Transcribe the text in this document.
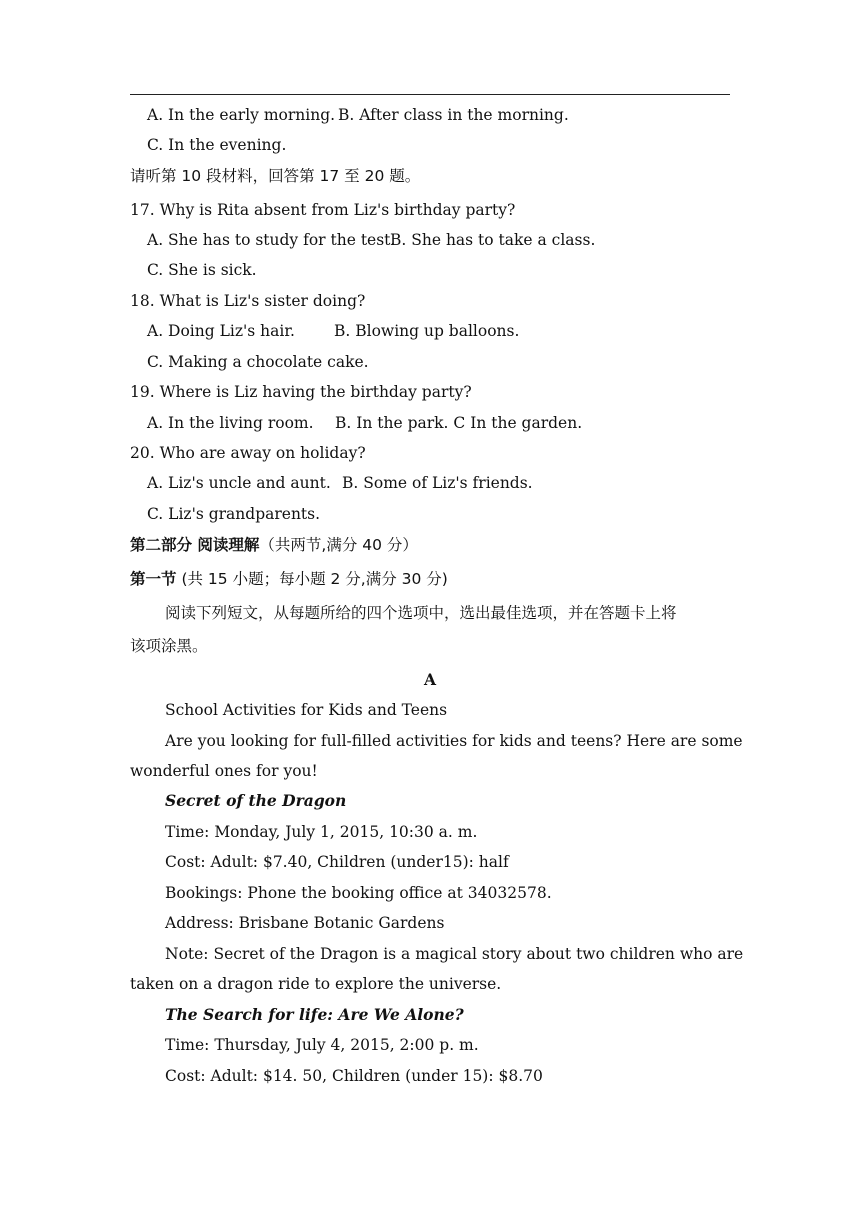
A. In the early morning. B. After class in the morning.
C. In the evening.
请听第 10 段材料，回答第 17 至 20 题。
17. Why is Rita absent from Liz's birthday party?
A. She has to study for the test.
B. She has to take a class.
C. She is sick.
18. What is Liz's sister doing?
A. Doing Liz's hair.	B. Blowing up balloons.
C. Making a chocolate cake.
19. Where is Liz having the birthday party?
A. In the living room. B. In the park. C In the garden.
20. Who are away on holiday?
A. Liz's uncle and aunt. B. Some of Liz's friends.
C. Liz's grandparents.
第二部分 阅读理解（共两节,满分 40 分）
第一节 (共 15 小题；每小题 2 分,满分 30 分)
阅读下列短文，从每题所给的四个选项中，选出最佳选项，并在答题卡上将
该项涂黑。
A
School Activities for Kids and Teens
Are you looking for full-filled activities for kids and teens? Here are some
wonderful ones for you!
Secret of the Dragon
Time: Monday, July 1, 2015, 10:30 a. m.
Cost: Adult: $7.40, Children (under15): half
Bookings: Phone the booking office at 34032578.
Address: Brisbane Botanic Gardens
Note: Secret of the Dragon is a magical story about two children who are
taken on a dragon ride to explore the universe.
The Search for life: Are We Alone?
Time: Thursday, July 4, 2015, 2:00 p. m.
Cost: Adult: $14. 50, Children (under 15): $8.70
